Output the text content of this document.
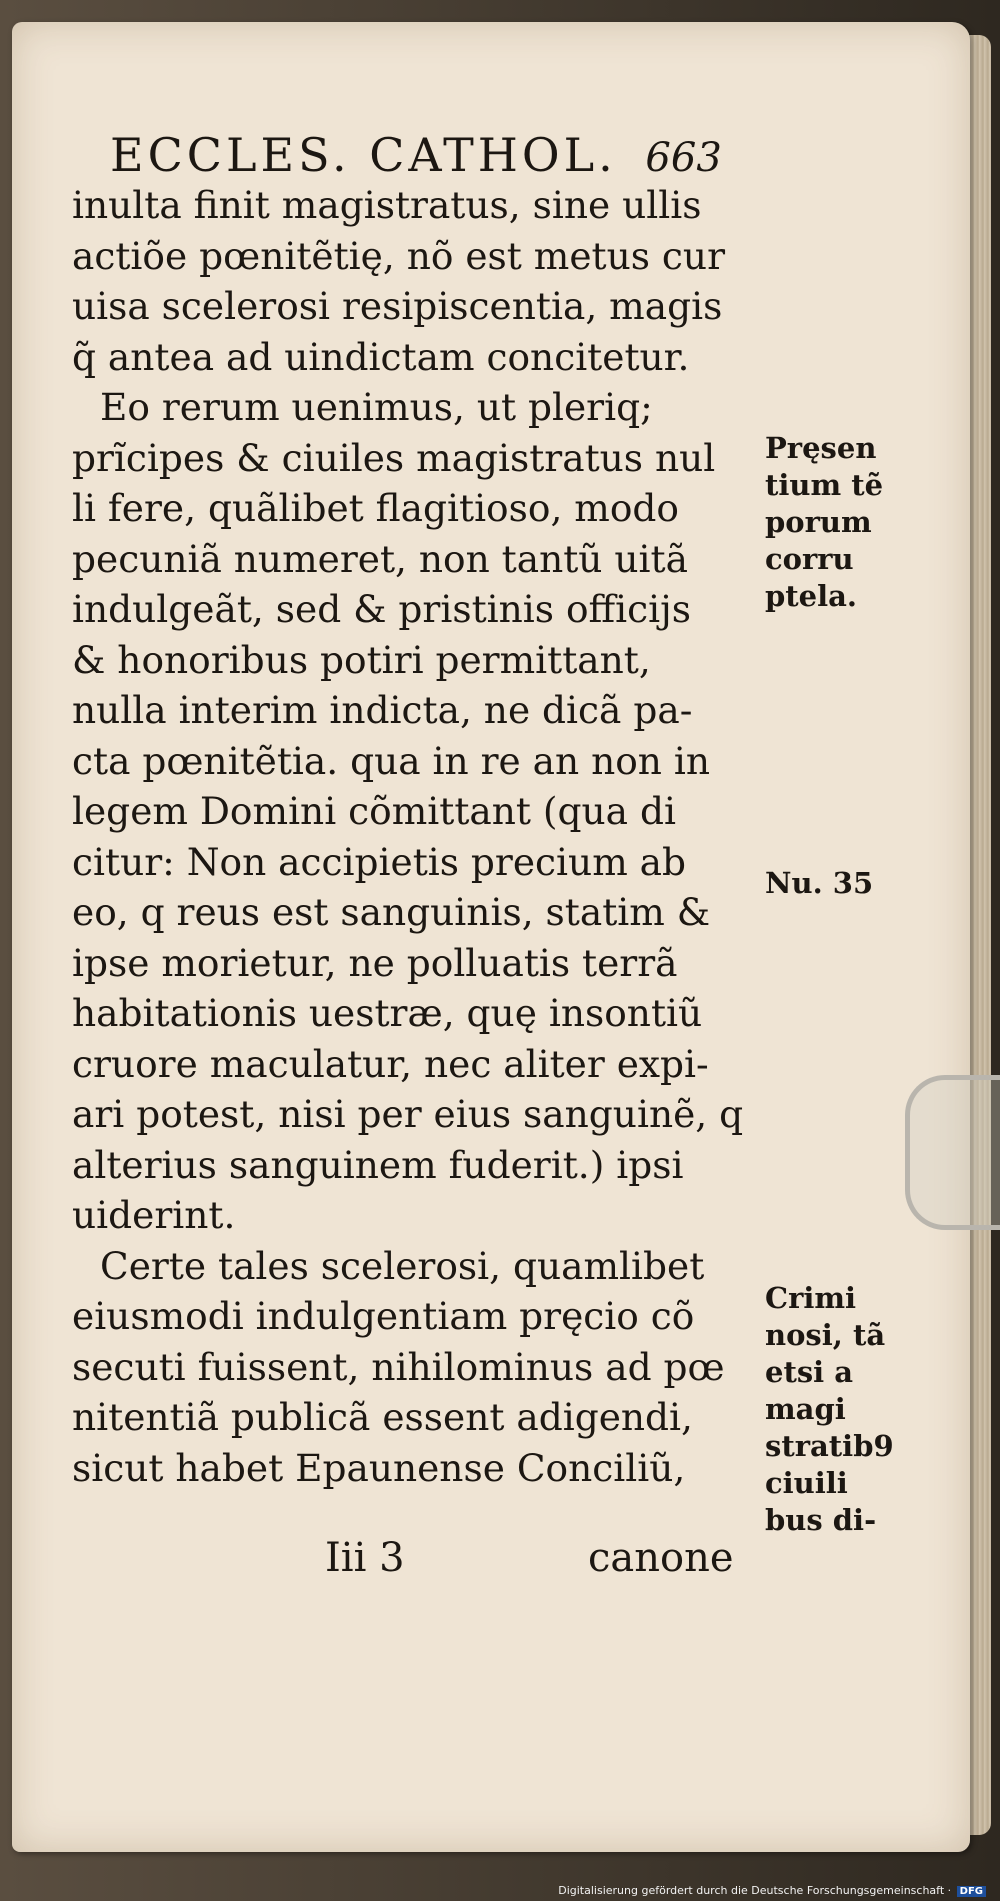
ECCLES. CATHOL. 663
inulta finit magistratus, sine ullis
actiõe pœnitẽtię, nõ est metus cur
uisa scelerosi resipiscentia, magis
q̃ antea ad uindictam concitetur.
Eo rerum uenimus, ut pleriq;
prĩcipes & ciuiles magistratus nul
li fere, quãlibet flagitioso, modo
pecuniã numeret, non tantũ uitã
indulgeãt, sed & pristinis officijs
& honoribus potiri permittant,
nulla interim indicta, ne dicã pa-
cta pœnitẽtia. qua in re an non in
legem Domini cõmittant (qua di
citur: Non accipietis precium ab
eo, q reus est sanguinis, statim &
ipse morietur, ne polluatis terrã
habitationis uestræ, quę insontiũ
cruore maculatur, nec aliter expi-
ari potest, nisi per eius sanguinẽ, q
alterius sanguinem fuderit.) ipsi
uiderint.
Certe tales scelerosi, quamlibet
eiusmodi indulgentiam pręcio cõ
secuti fuissent, nihilominus ad pœ
nitentiã publicã essent adigendi,
sicut habet Epaunense Conciliũ,
Pręsen
tium tẽ
porum
corru
ptela.
Nu. 35
Crimi
nosi, tã
etsi a
magi
stratib9
ciuili
bus di-
Iii 3	canone
Digitalisierung gefördert durch die Deutsche Forschungsgemeinschaft · DFG
